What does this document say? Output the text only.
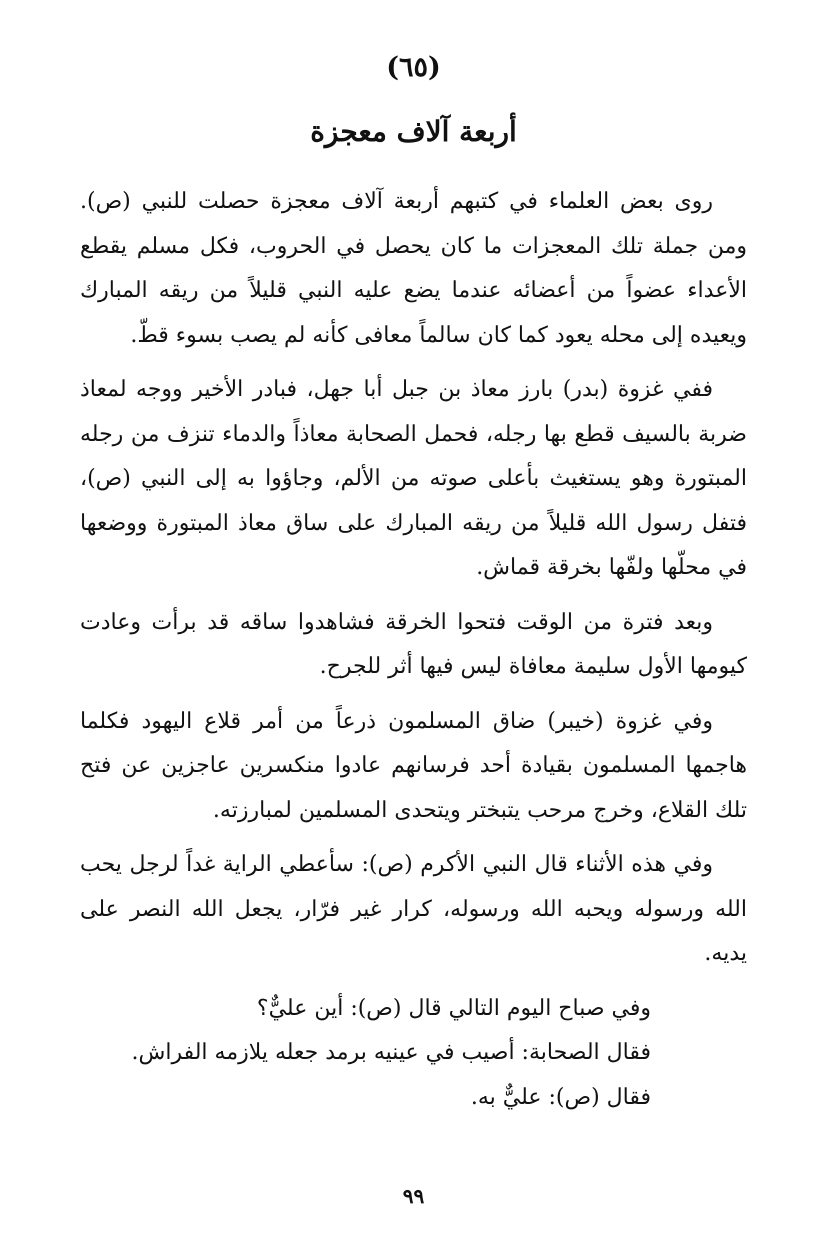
(٦٥)
أربعة آلاف معجزة

روى بعض العلماء في كتبهم أربعة آلاف معجزة حصلت للنبي (ص). ومن جملة تلك المعجزات ما كان يحصل في الحروب، فكل مسلم يقطع الأعداء عضواً من أعضائه عندما يضع عليه النبي قليلاً من ريقه المبارك ويعيده إلى محله يعود كما كان سالماً معافى كأنه لم يصب بسوء قطّ.

ففي غزوة (بدر) بارز معاذ بن جبل أبا جهل، فبادر الأخير ووجه لمعاذ ضربة بالسيف قطع بها رجله، فحمل الصحابة معاذاً والدماء تنزف من رجله المبتورة وهو يستغيث بأعلى صوته من الألم، وجاؤوا به إلى النبي (ص)، فتفل رسول الله قليلاً من ريقه المبارك على ساق معاذ المبتورة ووضعها في محلّها ولفّها بخرقة قماش.

وبعد فترة من الوقت فتحوا الخرقة فشاهدوا ساقه قد برأت وعادت كيومها الأول سليمة معافاة ليس فيها أثر للجرح.

وفي غزوة (خيبر) ضاق المسلمون ذرعاً من أمر قلاع اليهود فكلما هاجمها المسلمون بقيادة أحد فرسانهم عادوا منكسرين عاجزين عن فتح تلك القلاع، وخرج مرحب يتبختر ويتحدى المسلمين لمبارزته.

وفي هذه الأثناء قال النبي الأكرم (ص): سأعطي الراية غداً لرجل يحب الله ورسوله ويحبه الله ورسوله، كرار غير فرّار، يجعل الله النصر على يديه.

وفي صباح اليوم التالي قال (ص): أين عليٌّ؟

فقال الصحابة: أصيب في عينيه برمد جعله يلازمه الفراش.

فقال (ص): عليٌّ به.

٩٩
